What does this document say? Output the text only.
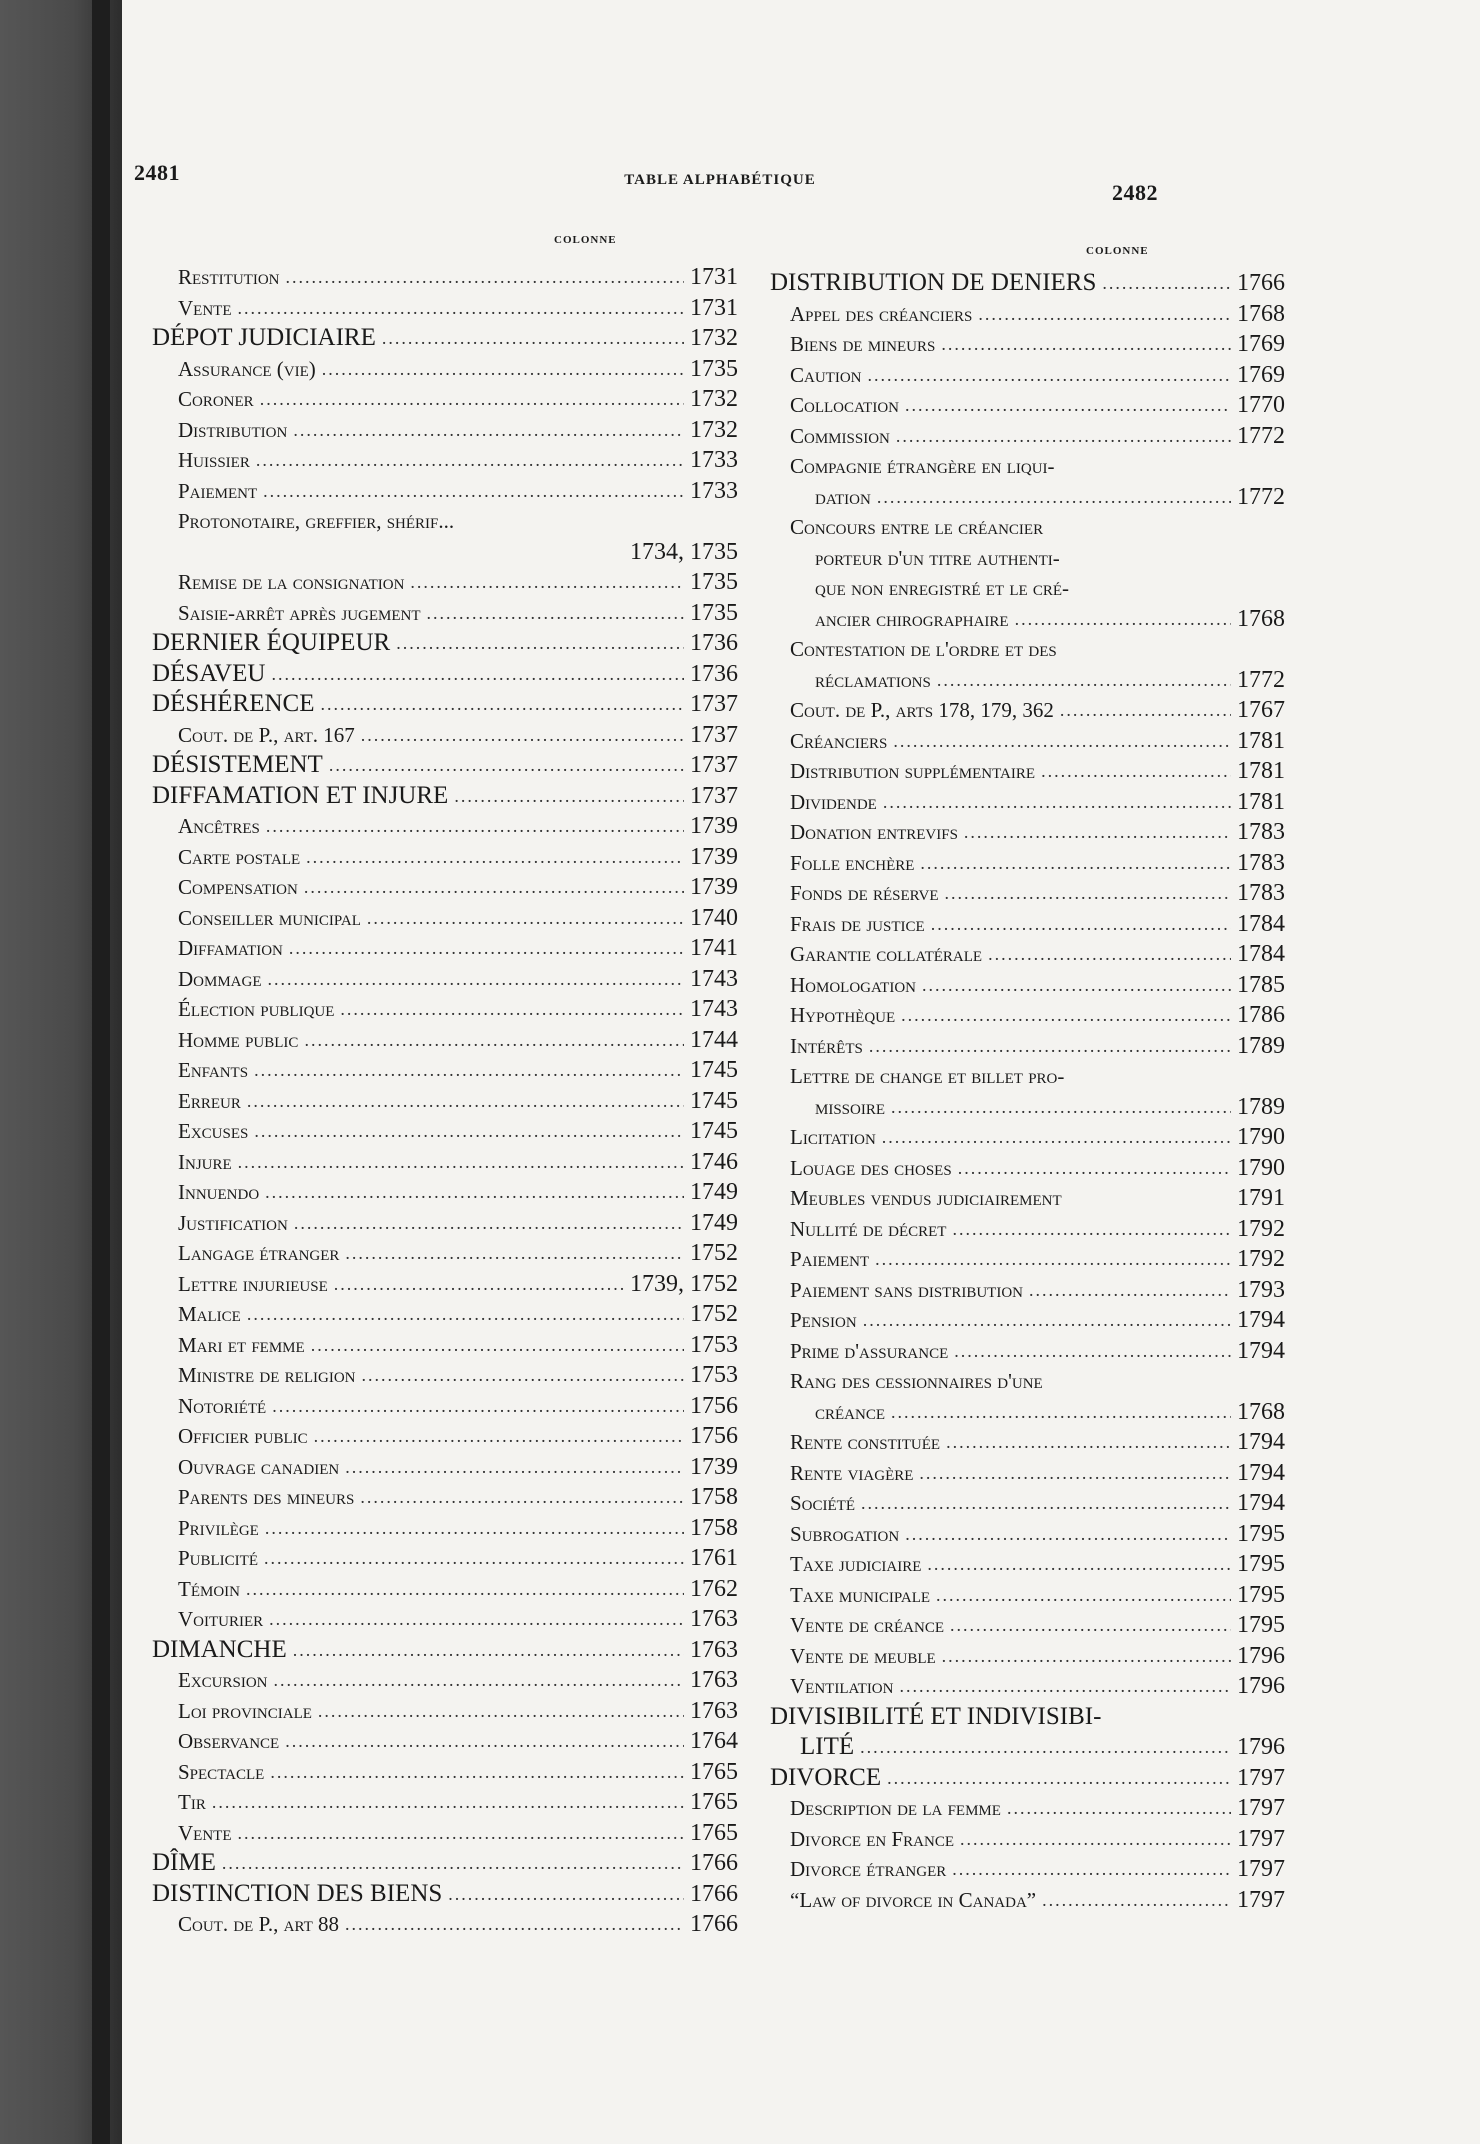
2481	TABLE ALPHABÉTIQUE	2482
COLONNE
COLONNE
Restitution .....	1731
Vente .....	1731
DÉPOT JUDICIAIRE .....	1732
Assurance (vie) .....	1735
Coroner .....	1732
Distribution .....	1732
Huissier .....	1733
Paiement .....	1733
Protonotaire, greffier, shérif...
1734, 1735
Remise de la consignation .....	1735
Saisie-arrêt après jugement .....	1735
DERNIER ÉQUIPEUR .....	1736
DÉSAVEU .....	1736
DÉSHÉRENCE .....	1737
Cout. de P., art. 167 .....	1737
DÉSISTEMENT .....	1737
DIFFAMATION ET INJURE .....	1737
Ancêtres .....	1739
Carte postale .....	1739
Compensation .....	1739
Conseiller municipal .....	1740
Diffamation .....	1741
Dommage .....	1743
Élection publique .....	1743
Homme public .....	1744
Enfants .....	1745
Erreur .....	1745
Excuses .....	1745
Injure .....	1746
Innuendo .....	1749
Justification .....	1749
Langage étranger .....	1752
Lettre injurieuse .....	1739, 1752
Malice .....	1752
Mari et femme .....	1753
Ministre de religion .....	1753
Notoriété .....	1756
Officier public .....	1756
Ouvrage canadien .....	1739
Parents des mineurs .....	1758
Privilège .....	1758
Publicité .....	1761
Témoin .....	1762
Voiturier .....	1763
DIMANCHE .....	1763
Excursion .....	1763
Loi provinciale .....	1763
Observance .....	1764
Spectacle .....	1765
Tir .....	1765
Vente .....	1765
DÎME .....	1766
DISTINCTION DES BIENS .....	1766
Cout. de P., art 88 .....	1766
DISTRIBUTION DE DENIERS .....	1766
Appel des créanciers .....	1768
Biens de mineurs .....	1769
Caution .....	1769
Collocation .....	1770
Commission .....	1772
Compagnie étrangère en liqui-
dation .....	1772
Concours entre le créancier
porteur d'un titre authenti-
que non enregistré et le cré-
ancier chirographaire .....	1768
Contestation de l'ordre et des
réclamations .....	1772
Cout. de P., arts 178, 179, 362 .....	1767
Créanciers .....	1781
Distribution supplémentaire .....	1781
Dividende .....	1781
Donation entrevifs .....	1783
Folle enchère .....	1783
Fonds de réserve .....	1783
Frais de justice .....	1784
Garantie collatérale .....	1784
Homologation .....	1785
Hypothèque .....	1786
Intérêts .....	1789
Lettre de change et billet pro-
missoire .....	1789
Licitation .....	1790
Louage des choses .....	1790
Meubles vendus judiciairement	1791
Nullité de décret .....	1792
Paiement .....	1792
Paiement sans distribution .....	1793
Pension .....	1794
Prime d'assurance .....	1794
Rang des cessionnaires d'une
créance .....	1768
Rente constituée .....	1794
Rente viagère .....	1794
Société .....	1794
Subrogation .....	1795
Taxe judiciaire .....	1795
Taxe municipale .....	1795
Vente de créance .....	1795
Vente de meuble .....	1796
Ventilation .....	1796
DIVISIBILITÉ ET INDIVISIBI-
LITÉ .....	1796
DIVORCE .....	1797
Description de la femme .....	1797
Divorce en France .....	1797
Divorce étranger .....	1797
“Law of divorce in Canada” .....	1797
